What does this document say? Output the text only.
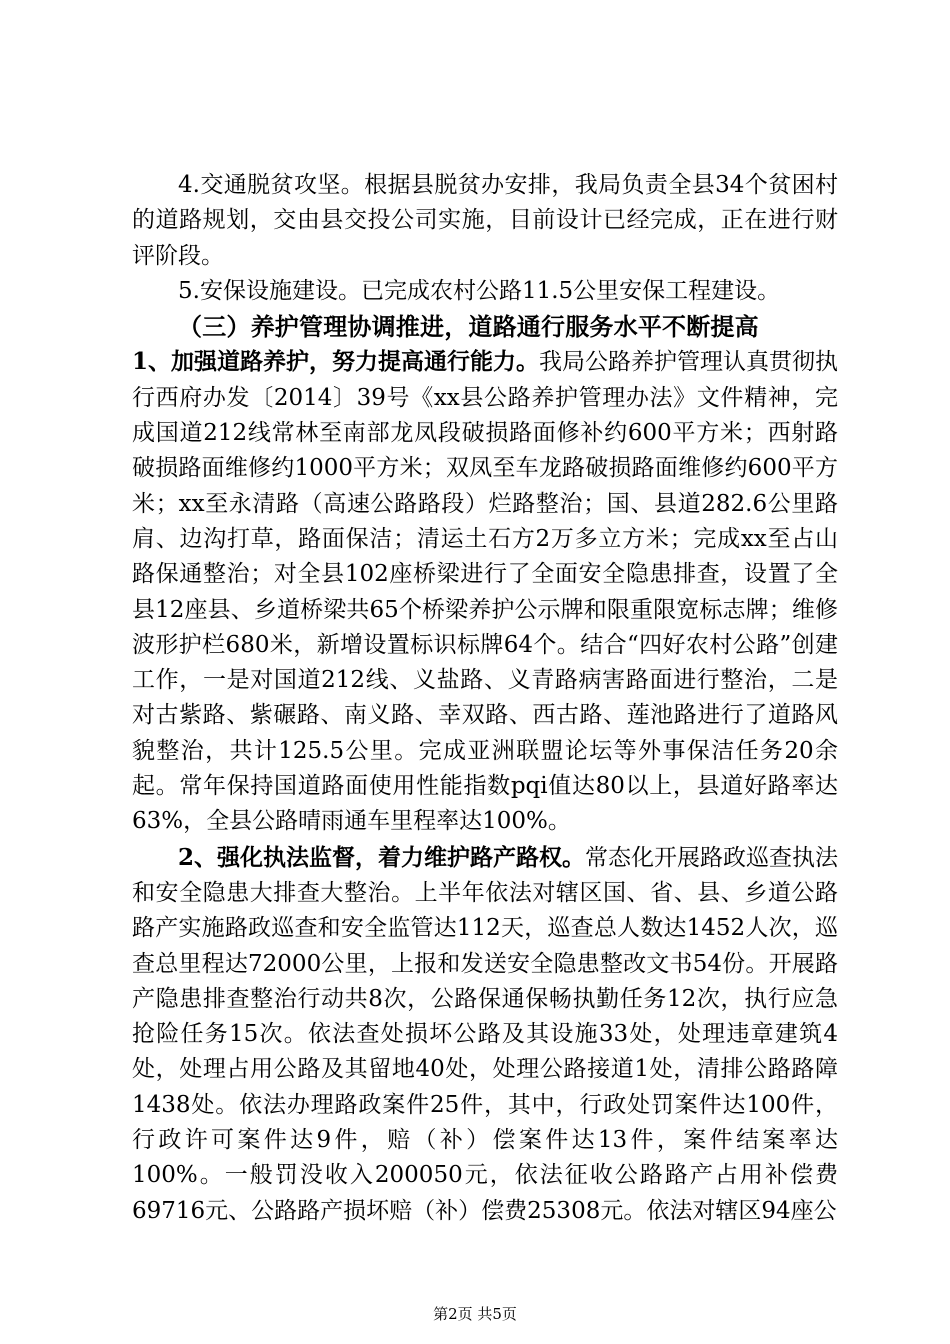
4.交通脱贫攻坚。根据县脱贫办安排，我局负责全县34个贫困村的道路规划，交由县交投公司实施，目前设计已经完成，正在进行财评阶段。

5.安保设施建设。已完成农村公路11.5公里安保工程建设。

（三）养护管理协调推进，道路通行服务水平不断提高

1、加强道路养护，努力提高通行能力。我局公路养护管理认真贯彻执行西府办发〔2014〕39号《xx县公路养护管理办法》文件精神，完成国道212线常林至南部龙凤段破损路面修补约600平方米；西射路破损路面维修约1000平方米；双凤至车龙路破损路面维修约600平方米；xx至永清路（高速公路路段）烂路整治；国、县道282.6公里路肩、边沟打草，路面保洁；清运土石方2万多立方米；完成xx至占山路保通整治；对全县102座桥梁进行了全面安全隐患排查，设置了全县12座县、乡道桥梁共65个桥梁养护公示牌和限重限宽标志牌；维修波形护栏680米，新增设置标识标牌64个。结合“四好农村公路”创建工作，一是对国道212线、义盐路、义青路病害路面进行整治，二是对古紫路、紫碾路、南义路、幸双路、西古路、莲池路进行了道路风貌整治，共计125.5公里。完成亚洲联盟论坛等外事保洁任务20余起。常年保持国道路面使用性能指数pqi值达80以上，县道好路率达63%，全县公路晴雨通车里程率达100%。

2、强化执法监督，着力维护路产路权。常态化开展路政巡查执法和安全隐患大排查大整治。上半年依法对辖区国、省、县、乡道公路路产实施路政巡查和安全监管达112天，巡查总人数达1452人次，巡查总里程达72000公里，上报和发送安全隐患整改文书54份。开展路产隐患排查整治行动共8次，公路保通保畅执勤任务12次，执行应急抢险任务15次。依法查处损坏公路及其设施33处，处理违章建筑4处，处理占用公路及其留地40处，处理公路接道1处，清排公路路障1438处。依法办理路政案件25件，其中，行政处罚案件达100件，行政许可案件达9件，赔（补）偿案件达13件，案件结案率达100%。一般罚没收入200050元，依法征收公路路产占用补偿费69716元、公路路产损坏赔（补）偿费25308元。依法对辖区94座公

第2页 共5页
